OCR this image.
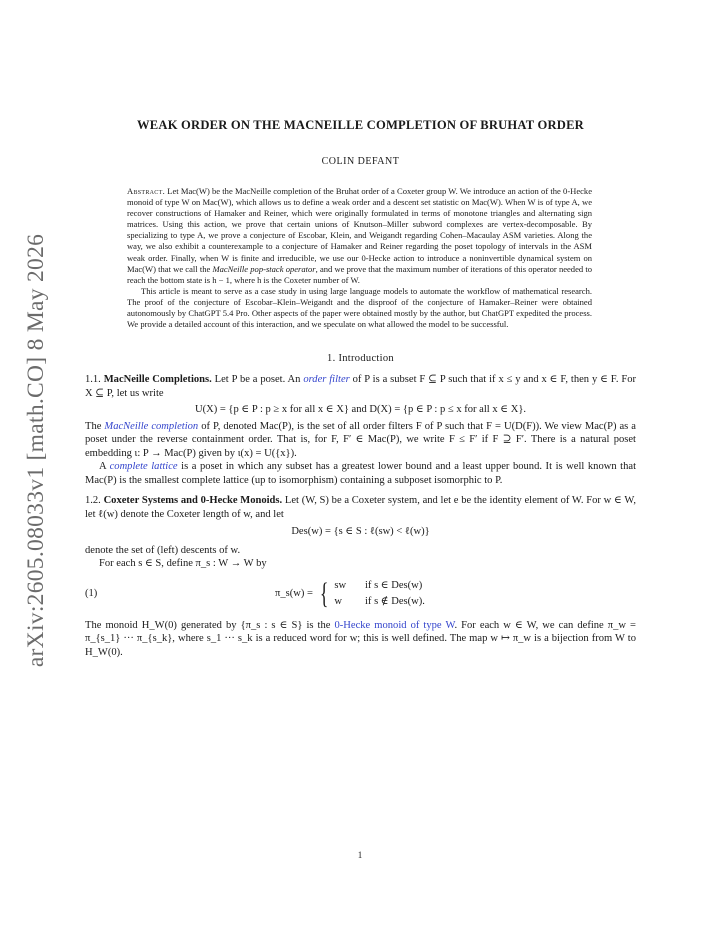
arXiv:2605.08033v1 [math.CO] 8 May 2026
WEAK ORDER ON THE MACNEILLE COMPLETION OF BRUHAT ORDER
COLIN DEFANT

Abstract. Let Mac(W) be the MacNeille completion of the Bruhat order of a Coxeter group W. We introduce an action of the 0-Hecke monoid of type W on Mac(W), which allows us to define a weak order and a descent set statistic on Mac(W). When W is of type A, we recover constructions of Hamaker and Reiner, which were originally formulated in terms of monotone triangles and alternating sign matrices. Using this action, we prove that certain unions of Knutson–Miller subword complexes are vertex-decomposable. By specializing to type A, we prove a conjecture of Escobar, Klein, and Weigandt regarding Cohen–Macaulay ASM varieties. Along the way, we also exhibit a counterexample to a conjecture of Hamaker and Reiner regarding the poset topology of intervals in the ASM weak order. Finally, when W is finite and irreducible, we use our 0-Hecke action to introduce a noninvertible dynamical system on Mac(W) that we call the MacNeille pop-stack operator, and we prove that the maximum number of iterations of this operator needed to reach the bottom state is h − 1, where h is the Coxeter number of W.

This article is meant to serve as a case study in using large language models to automate the workflow of mathematical research. The proof of the conjecture of Escobar–Klein–Weigandt and the disproof of the conjecture of Hamaker–Reiner were obtained autonomously by ChatGPT 5.4 Pro. Other aspects of the paper were obtained mostly by the author, but ChatGPT expedited the process. We provide a detailed account of this interaction, and we speculate on what allowed the model to be successful.

1. Introduction

1.1. MacNeille Completions. Let P be a poset. An order filter of P is a subset F ⊆ P such that if x ≤ y and x ∈ F, then y ∈ F. For X ⊆ P, let us write

U(X) = {p ∈ P : p ≥ x for all x ∈ X} and D(X) = {p ∈ P : p ≤ x for all x ∈ X}.

The MacNeille completion of P, denoted Mac(P), is the set of all order filters F of P such that F = U(D(F)). We view Mac(P) as a poset under the reverse containment order. That is, for F, F′ ∈ Mac(P), we write F ≤ F′ if F ⊇ F′. There is a natural poset embedding ι: P → Mac(P) given by ι(x) = U({x}).

A complete lattice is a poset in which any subset has a greatest lower bound and a least upper bound. It is well known that Mac(P) is the smallest complete lattice (up to isomorphism) containing a subposet isomorphic to P.

1.2. Coxeter Systems and 0-Hecke Monoids. Let (W, S) be a Coxeter system, and let e be the identity element of W. For w ∈ W, let ℓ(w) denote the Coxeter length of w, and let

Des(w) = {s ∈ S : ℓ(sw) < ℓ(w)}

denote the set of (left) descents of w.

For each s ∈ S, define π_s : W → W by

(1)	π_s(w) = { sw if s ∈ Des(w)
w if s ∉ Des(w).

The monoid H_W(0) generated by {π_s : s ∈ S} is the 0-Hecke monoid of type W. For each w ∈ W, we can define π_w = π_{s_1} ··· π_{s_k}, where s_1 ··· s_k is a reduced word for w; this is well defined. The map w ↦ π_w is a bijection from W to H_W(0).

1
